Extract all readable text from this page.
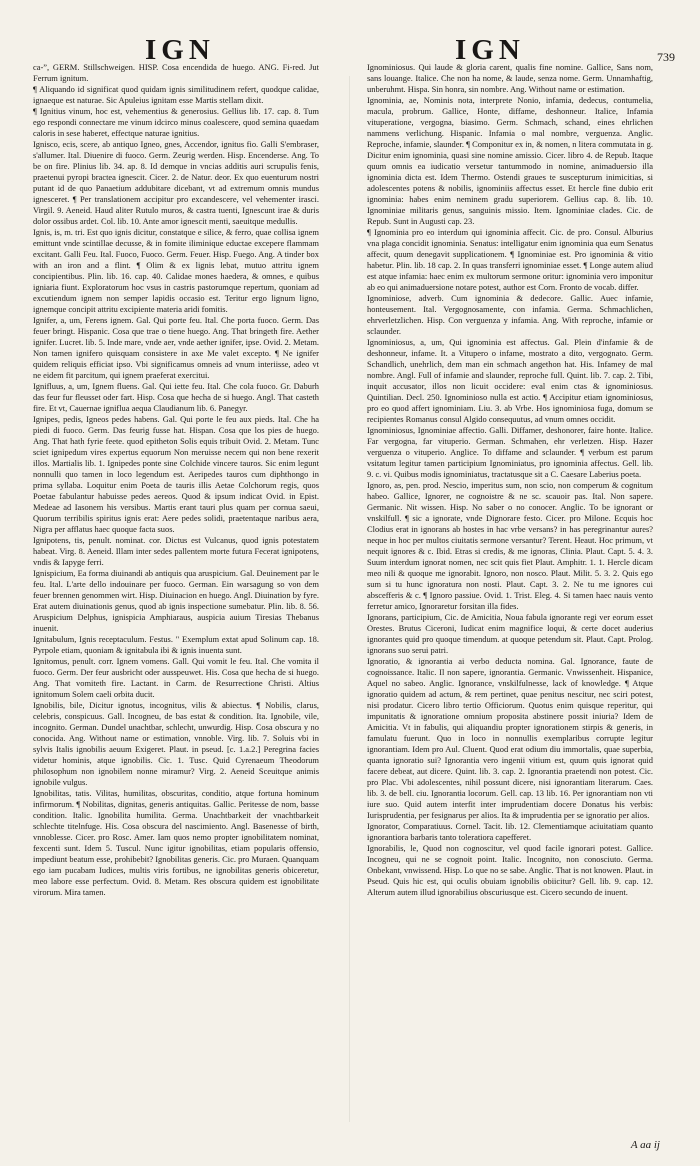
IGN	IGN	739

ca-”, GERM. Stillschweigen. HISP. Cosa encendida de huego. ANG. Fi-red. Jut Ferrum ignitum.

¶ Aliquando id significat quod quidam ignis similitudinem refert, quodque calidae, ignaeque est naturae. Sic Apuleius ignitam esse Martis stellam dixit.

¶ Ignitius vinum, hoc est, vehementius & generosius. Gellius lib. 17. cap. 8. Tum ego respondi connectare me vinum idcirco minus coalescere, quod semina quaedam caloris in sese haberet, effectque naturae ignitius.

Ignisco, ecis, scere, ab antiquo Igneo, gnes, Accendor, ignitus fio. Galli S'embraser, s'allumer. Ital. Diuenire di fuoco. Germ. Zeurig werden. Hisp. Encenderse. Ang. To be on fire. Plinius lib. 34. ap. 8. Id demque in vncias additis auri scrupulis fenis, praetenui pyropi bractea ignescit. Cicer. 2. de Natur. deor. Ex quo euenturum nostri putant id de quo Panaetium addubitare dicebant, vt ad extremum omnis mundus ignesceret. ¶ Per translationem accipitur pro excandescere, vel vehementer irasci. Virgil. 9. Aeneid. Haud aliter Rutulo muros, & castra tuenti, Ignescunt irae & duris dolor ossibus ardet. Col. lib. 10. Ante amor ignescit menti, saeuitque medullis.

Ignis, is, m. tri. Est quo ignis dicitur, constatque e silice, & ferro, quae collisa ignem emittunt vnde scintillae decusse, & in fomite iliminique eductae excepere flammam excitant. Galli Feu. Ital. Fuoco, Fuoco. Germ. Feuer. Hisp. Fuego. Ang. A tinder box with an iron and a flint. ¶ Olim & ex lignis lebat, mutuo attritu ignem concipientibus. Plin. lib. 16. cap. 40. Calidae mones haedera, & omnes, e quibus igniaria fiunt. Exploratorum hoc vsus in castris pastorumque repertum, quoniam ad excutiendum ignem non semper lapidis occasio est. Teritur ergo lignum ligno, ignemque concipit attritu excipiente materia aridi fomitis.

Ignifer, a, um, Ferens ignem. Gal. Qui porte feu. Ital. Che porta fuoco. Germ. Das feuer bringt. Hispanic. Cosa que trae o tiene huego. Ang. That bringeth fire. Aether ignifer. Lucret. lib. 5. Inde mare, vnde aer, vnde aether ignifer, ipse. Ovid. 2. Metam. Non tamen ignifero quisquam consistere in axe Me valet excepto. ¶ Ne ignifer quidem reliquis efficiat ipso. Vbi significamus omneis ad vnum interiisse, adeo vt ne eidem fit parcitum, qui ignem praeferat exercitui.

Ignifluus, a, um, Ignem fluens. Gal. Qui iette feu. Ital. Che cola fuoco. Gr. Daburh das feur fur fleusset oder fart. Hisp. Cosa que hecha de si huego. Angl. That casteth fire. Et vt, Cauernae igniflua aequa Claudianum lib. 6. Panegyr.

Ignipes, pedis, Igneos pedes habens. Gal. Qui porte le feu aux pieds. Ital. Che ha piedi di fuoco. Germ. Das feurig fusse hat. Hispan. Cosa que los pies de huego. Ang. That hath fyrie feete. quod epitheton Solis equis tribuit Ovid. 2. Metam. Tunc sciet ignipedum vires expertus equorum Non meruisse necem qui non bene rexerit illos. Martialis lib. 1. Ignipedes ponte sine Colchide vincere tauros. Sic enim legunt nonnulli quo tamen in loco legendum est. Aeripedes tauros cum diphthongo in prima syllaba. Loquitur enim Poeta de tauris illis Aetae Colchorum regis, quos Poetae fabulantur habuisse pedes aereos. Quod & ipsum indicat Ovid. in Epist. Medeae ad Iasonem his versibus. Martis erant tauri plus quam per cornua saeui, Quorum terribilis spiritus ignis erat: Aere pedes solidi, praetentaque naribus aera, Nigra per afflatus haec quoque facta suos.

Ignipotens, tis, penult. nominat. cor. Dictus est Vulcanus, quod ignis potestatem habeat. Virg. 8. Aeneid. Illam inter sedes pallentem morte futura Fecerat ignipotens, vndis & Iapyge ferri.

Ignispicium, Ea forma diuinandi ab antiquis qua aruspicium. Gal. Deuinement par le feu. Ital. L'arte dello indouinare per fuoco. German. Ein warsagung so von dem feuer brennen genommen wirt. Hisp. Diuinacion en huego. Angl. Diuination by fyre. Erat autem diuinationis genus, quod ab ignis inspectione sumebatur. Plin. lib. 8. 56. Aruspicium Delphus, ignispicia Amphiaraus, auspicia auium Tiresias Thebanus inuenit.

Ignitabulum, Ignis receptaculum. Festus. " Exemplum extat apud Solinum cap. 18. Pyrpole etiam, quoniam & ignitabula ibi & ignis inuenta sunt.

Ignitomus, penult. corr. Ignem vomens. Gall. Qui vomit le feu. Ital. Che vomita il fuoco. Germ. Der feur ausbricht oder ausspeuwet. His. Cosa que hecha de si huego. Ang. That vomiteth fire. Lactant. in Carm. de Resurrectione Christi. Altius ignitomum Solem caeli orbita ducit.

Ignobilis, bile, Dicitur ignotus, incognitus, vilis & abiectus. ¶ Nobilis, clarus, celebris, conspicuus. Gall. Incogneu, de bas estat & condition. Ita. Ignobile, vile, incognito. German. Dundel unachtbar, schlecht, unwurdig. Hisp. Cosa obscura y no conocida. Ang. Without name or estimation, vnnoble. Virg. lib. 7. Soluis vbi in sylvis Italis ignobilis aeuum Exigeret. Plaut. in pseud. [c. 1.a.2.] Peregrina facies videtur hominis, atque ignobilis. Cic. 1. Tusc. Quid Cyrenaeum Theodorum philosophum non ignobilem nonne miramur? Virg. 2. Aeneid Sceuitque animis ignobile vulgus.

Ignobilitas, tatis. Vilitas, humilitas, obscuritas, conditio, atque fortuna hominum infirmorum. ¶ Nobilitas, dignitas, generis antiquitas. Gallic. Peritesse de nom, basse condition. Italic. Ignobilita humilita. Germa. Unachtbarkeit der vnachtbarkeit schlechte titelnfuge. His. Cosa obscura del nascimiento. Angl. Basenesse of birth, vnnoblesse. Cicer. pro Rosc. Amer. Iam quos nemo propter ignobilitatem nominat, fexcenti sunt. Idem 5. Tuscul. Nunc igitur ignobilitas, etiam popularis offensio, impediunt beatum esse, prohibebit? Ignobilitas generis. Cic. pro Muraen. Quanquam ego iam pucabam Iudices, multis viris fortibus, ne ignobilitas generis obiceretur, meo labore esse perfectum. Ovid. 8. Metam. Res obscura quidem est ignobilitate virorum. Mira tamen.

Ignominiosus. Qui laude & gloria carent, qualis fine nomine. Gallice, Sans nom, sans louange. Italice. Che non ha nome, & laude, senza nome. Germ. Unnamhaftig, unberuhmt. Hispa. Sin honra, sin nombre. Ang. Without name or estimation.

Ignominia, ae, Nominis nota, interprete Nonio, infamia, dedecus, contumelia, macula, probrum. Gallice, Honte, diffame, deshonneur. Italice, Infamia vituperatione, vergogna, biasimo. Germ. Schmach, schand, eines ehrlichen nammens verlichung. Hispanic. Infamia o mal nombre, verguenza. Anglic. Reproche, infamie, slaunder. ¶ Componitur ex in, & nomen, n litera commutata in g. Dicitur enim ignominia, quasi sine nomine amissio. Cicer. libro 4. de Repub. Itaque quum omnis ea iudicatio versetur tantummodo in nomine, animaduersio illa ignominia dicta est. Idem Thermo. Ostendi graues te suscepturum inimicitias, si adolescentes potens & nobilis, ignominiis affectus esset. Et hercle fine dubio erit ignominia: habes enim neminem gradu superiorem. Gellius cap. 8. lib. 10. Ignominiae militaris genus, sanguinis missio. Item. Ignominiae clades. Cic. de Repub. Sunt in Augusti cap. 23.

¶ Ignominia pro eo interdum qui ignominia affecit. Cic. de pro. Consul. Alburius vna plaga concidit ignominia. Senatus: intelligatur enim ignominia qua eum Senatus affecit, quum denegavit supplicationem. ¶ Ignominiae est. Pro ignominia & vitio habetur. Plin. lib. 18 cap. 2. In quas transferri ignominiae esset. ¶ Longe autem aliud est atque infamia: haec enim ex multorum sermone oritur: ignominia vero imponitur ab eo qui animaduersione notare potest, author est Corn. Fronto de vocab. differ.

Ignominiose, adverb. Cum ignominia & dedecore. Gallic. Auec infamie, honteusement. Ital. Vergognosamente, con infamia. Germa. Schmachlichen, ehrverletzlichen. Hisp. Con verguenza y infamia. Ang. With reproche, infamie or sclaunder.

Ignominiosus, a, um, Qui ignominia est affectus. Gal. Plein d'infamie & de deshonneur, infame. It. a Vitupero o infame, mostrato a dito, vergognato. Germ. Schandlich, unehrlich, dem man ein schmach angethon hat. His. Infamey de mal nombre. Angl. Full of infamie and slaunder, reproche full. Quint. lib. 7. cap. 2. Tibi, inquit accusator, illos non licuit occidere: eval enim ctas & ignominiosus. Quintilian. Decl. 250. Ignominioso nulla est actio. ¶ Accipitur etiam ignominiosus, pro eo quod affert ignominiam. Liu. 3. ab Vrbe. Hos ignominiosa fuga, domum se recipientes Romanus consul Algido consequutus, ad vnum omnes occidit.

Ignominiosus, Ignominiae affectio. Galli. Diffamer, deshonorer, faire honte. Italice. Far vergogna, far vituperio. German. Schmahen, ehr verletzen. Hisp. Hazer verguenza o vituperio. Anglice. To diffame and sclaunder. ¶ verbum est parum vsitatum legitur tamen participium Ignominiatus, pro ignominia affectus. Gell. lib. 9. c. vi. Quibus modis ignominiatus, tractatusque sit a C. Caesare Laberius poeta.

Ignoro, as, pen. prod. Nescio, imperitus sum, non scio, non comperum & cognitum habeo. Gallice, Ignorer, ne cognoistre & ne sc. scauoir pas. Ital. Non sapere. Germanic. Nit wissen. Hisp. No saber o no conocer. Anglic. To be ignorant or vnskilfull. ¶ sic a ignorate, vnde Dignorare festo. Cicer. pro Milone. Ecquis hoc Clodius erat in ignorans ab hostes in hac vrbe versans? in has peregrinantur aures? neque in hoc per multos ciuitatis sermone versantur? Terent. Heaut. Hoc primum, vt nequit ignores & c. Ibid. Etras si credis, & me ignoras, Clinia. Plaut. Capt. 5. 4. 3. Suum interdum ignorat nomen, nec scit quis fiet Plaut. Amphitr. 1. 1. Hercle dicam meo nili & quoque me ignorabit. Ignoro, non nosco. Plaut. Milit. 5. 3. 2. Quis ego sum si tu hunc ignoratura non nosti. Plaut. Capt. 3. 2. Ne tu me ignores cui abscefferis & c. ¶ Ignoro passiue. Ovid. 1. Trist. Eleg. 4. Si tamen haec nauis vento ferretur amico, Ignoraretur forsitan illa fides.

Ignorans, participium, Cic. de Amicitia, Noua fabula ignorante regi ver eorum esset Orestes. Brutus Ciceroni, Iudicat enim magnifice loqui, & certe docet auderius ignorantes quid pro quoque timendum. at quoque petendum sit. Plaut. Capt. Prolog. ignorans suo serui patri.

Ignoratio, & ignorantia ai verbo deducta nomina. Gal. Ignorance, faute de cognoissance. Italic. Il non sapere, ignorantia. Germanic. Vnwissenheit. Hispanice, Aquel no sabeo. Anglic. Ignorance, vnskilfulnesse, lack of knowledge. ¶ Atque ignoratio quidem ad actum, & rem pertinet, quae penitus nescitur, nec sciri potest, nisi prodatur. Cicero libro tertio Officiorum. Quotus enim quisque reperitur, qui impunitatis & ignoratione omnium proposita abstinere possit iniuria? Idem de Amicitia. Vt in fabulis, qui aliquandiu propter ignorationem stirpis & generis, in famulatu fuerunt. Quo in loco in nonnullis exemplaribus corrupte legitur ignorantiam. Idem pro Aul. Cluent. Quod erat odium diu immortalis, quae superbia, quanta ignoratio sui? Ignorantia vero ingenii vitium est, quum quis ignorat quid facere debeat, aut dicere. Quint. lib. 3. cap. 2. Ignorantia praetendi non potest. Cic. pro Plac. Vbi adolescentes, nihil possunt dicere, nisi ignorantiam literarum. Caes. lib. 3. de bell. ciu. Ignorantia locorum. Gell. cap. 13 lib. 16. Per ignorantiam non vti iure suo. Quid autem interfit inter imprudentiam docere Donatus his verbis: Iurisprudentia, per fesignarus per alios. Ita & imprudentia per se ignoratio per alios.

Ignorator, Comparatiuus. Cornel. Tacit. lib. 12. Clementiamque aciuitatiam quanto ignorantiora barbaris tanto toleratiora capefferet.

Ignorabilis, le, Quod non cognoscitur, vel quod facile ignorari potest. Gallice. Incogneu, qui ne se cognoit point. Italic. Incognito, non conosciuto. Germa. Onbekant, vnwissend. Hisp. Lo que no se sabe. Anglic. That is not knowen. Plaut. in Pseud. Quis hic est, qui oculis obuiam ignobilis obiicitur? Gell. lib. 9. cap. 12. Alterum autem illud ignorabilius obscuriusque est. Cicero secundo de inuent.

A aa ij
